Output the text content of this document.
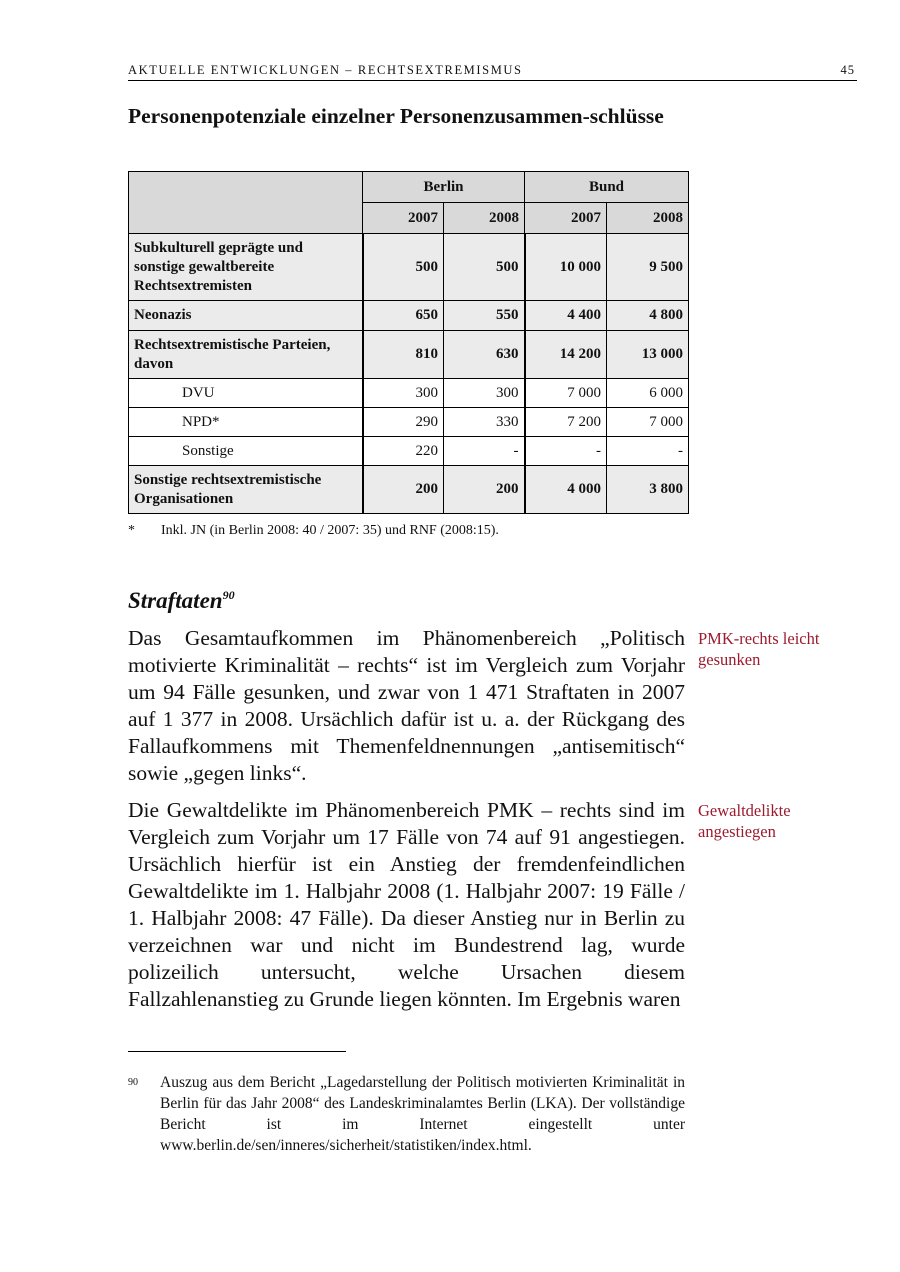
AKTUELLE ENTWICKLUNGEN – RECHTSEXTREMISMUS	45
Personenpotenziale einzelner Personenzusammen-schlüsse
	Berlin		Bund	
	2007	2008	2007	2008
Subkulturell geprägte und sonstige gewaltbereite Rechtsextremisten	500	500	10 000	9 500
Neonazis	650	550	4 400	4 800
Rechtsextremistische Parteien, davon	810	630	14 200	13 000
DVU	300	300	7 000	6 000
NPD*	290	330	7 200	7 000
Sonstige	220	-	-	-
Sonstige rechtsextremistische Organisationen	200	200	4 000	3 800
* Inkl. JN (in Berlin 2008: 40 / 2007: 35) und RNF (2008:15).
Straftaten$^{90}$

Das Gesamtaufkommen im Phänomenbereich „Politisch motivierte Kriminalität – rechts“ ist im Vergleich zum Vorjahr um 94 Fälle gesunken, und zwar von 1 471 Straftaten in 2007 auf 1 377 in 2008. Ursächlich dafür ist u. a. der Rückgang des Fallaufkommens mit Themenfeldnennungen „antisemitisch“ sowie „gegen links“.

PMK-rechts leicht gesunken

Die Gewaltdelikte im Phänomenbereich PMK – rechts sind im Vergleich zum Vorjahr um 17 Fälle von 74 auf 91 angestiegen. Ursächlich hierfür ist ein Anstieg der fremdenfeindlichen Gewaltdelikte im 1. Halbjahr 2008 (1. Halbjahr 2007: 19 Fälle / 1. Halbjahr 2008: 47 Fälle). Da dieser Anstieg nur in Berlin zu verzeichnen war und nicht im Bundestrend lag, wurde polizeilich untersucht, welche Ursachen diesem Fallzahlenanstieg zu Grunde liegen könnten. Im Ergebnis waren

Gewaltdelikte angestiegen

90 Auszug aus dem Bericht „Lagedarstellung der Politisch motivierten Kriminalität in Berlin für das Jahr 2008“ des Landeskriminalamtes Berlin (LKA). Der vollständige Bericht ist im Internet eingestellt unter www.berlin.de/sen/inneres/sicherheit/statistiken/index.html.
